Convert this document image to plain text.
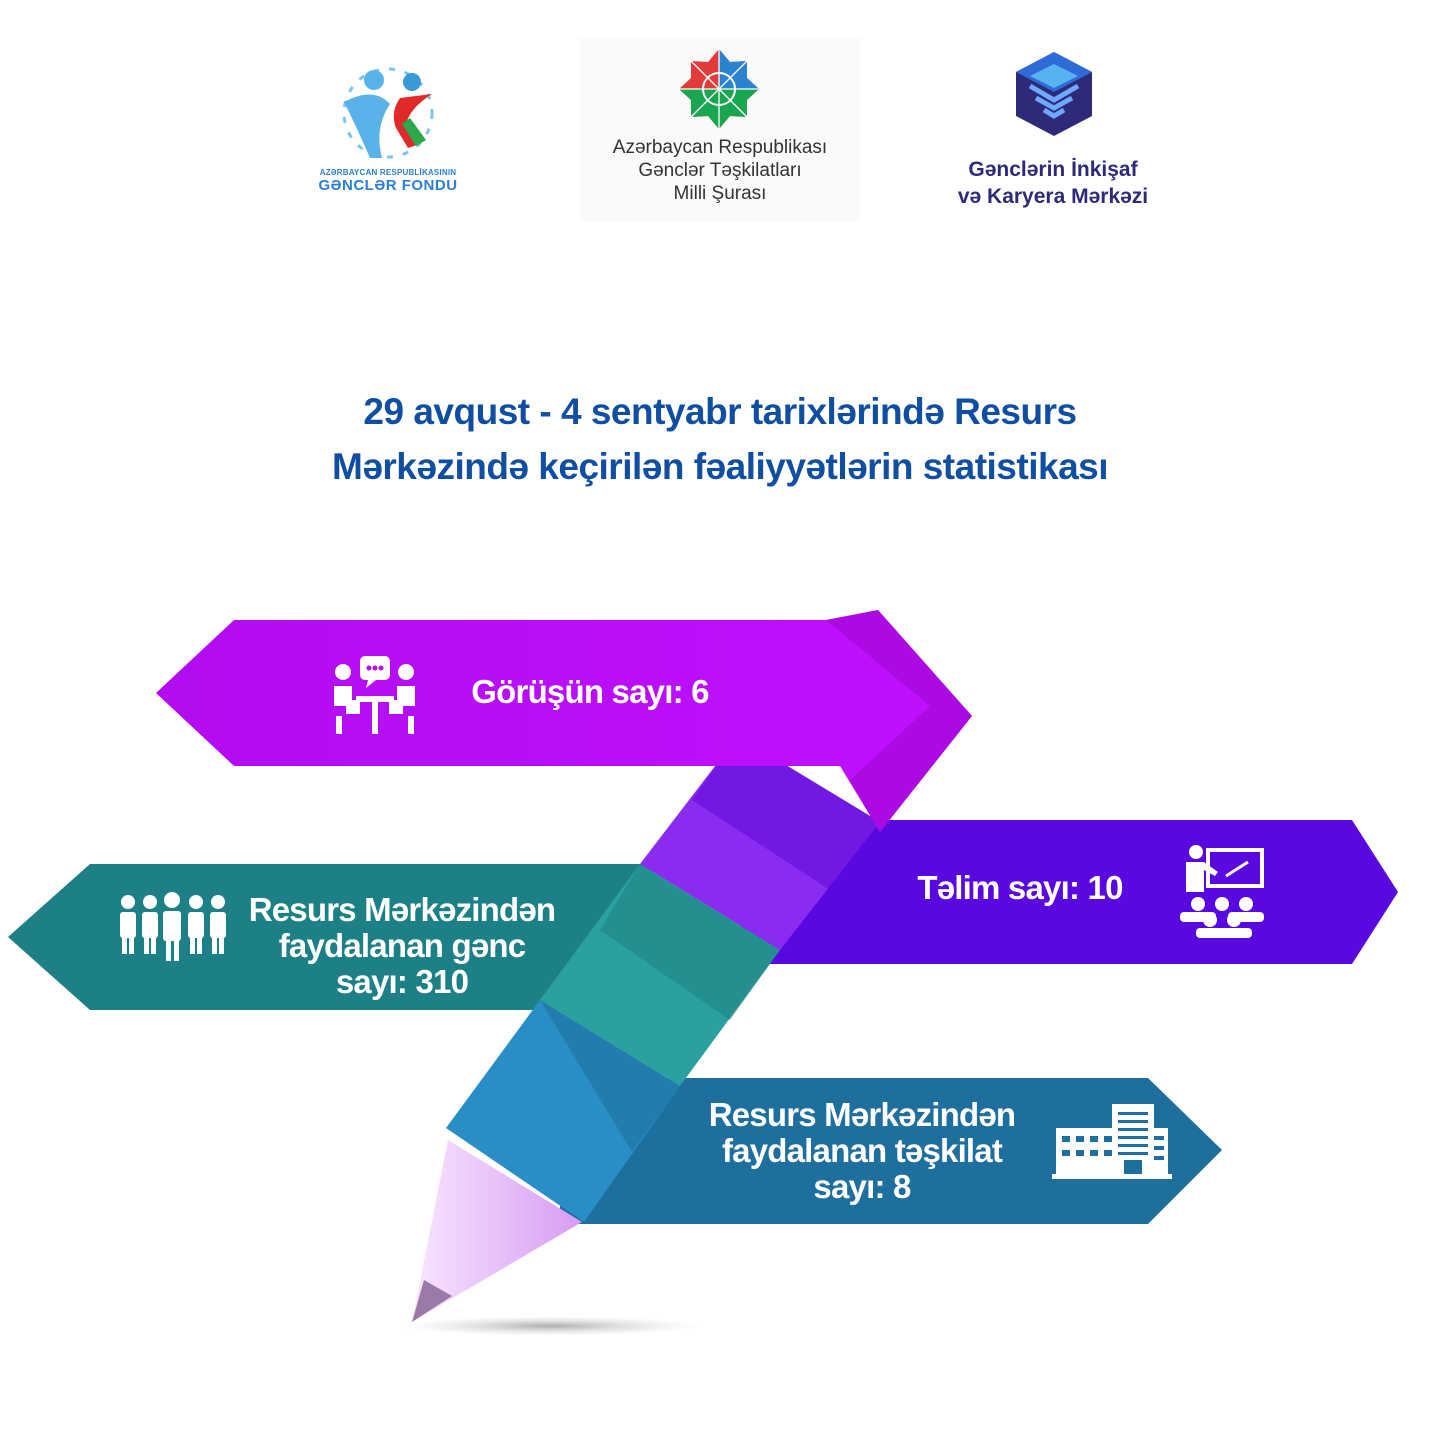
AZƏRBAYCAN RESPUBLİKASININ
GƏNCLƏR FONDU
Azərbaycan Respublikası
Gənclər Təşkilatları
Milli Şurası
Gənclərin İnkişaf
və Karyera Mərkəzi
29 avqust - 4 sentyabr tarixlərində Resurs
Mərkəzində keçirilən fəaliyyətlərin statistikası
Görüşün sayı: 6
Təlim sayı: 10
Resurs Mərkəzindən
faydalanan gənc
sayı: 310
Resurs Mərkəzindən
faydalanan təşkilat
sayı: 8
